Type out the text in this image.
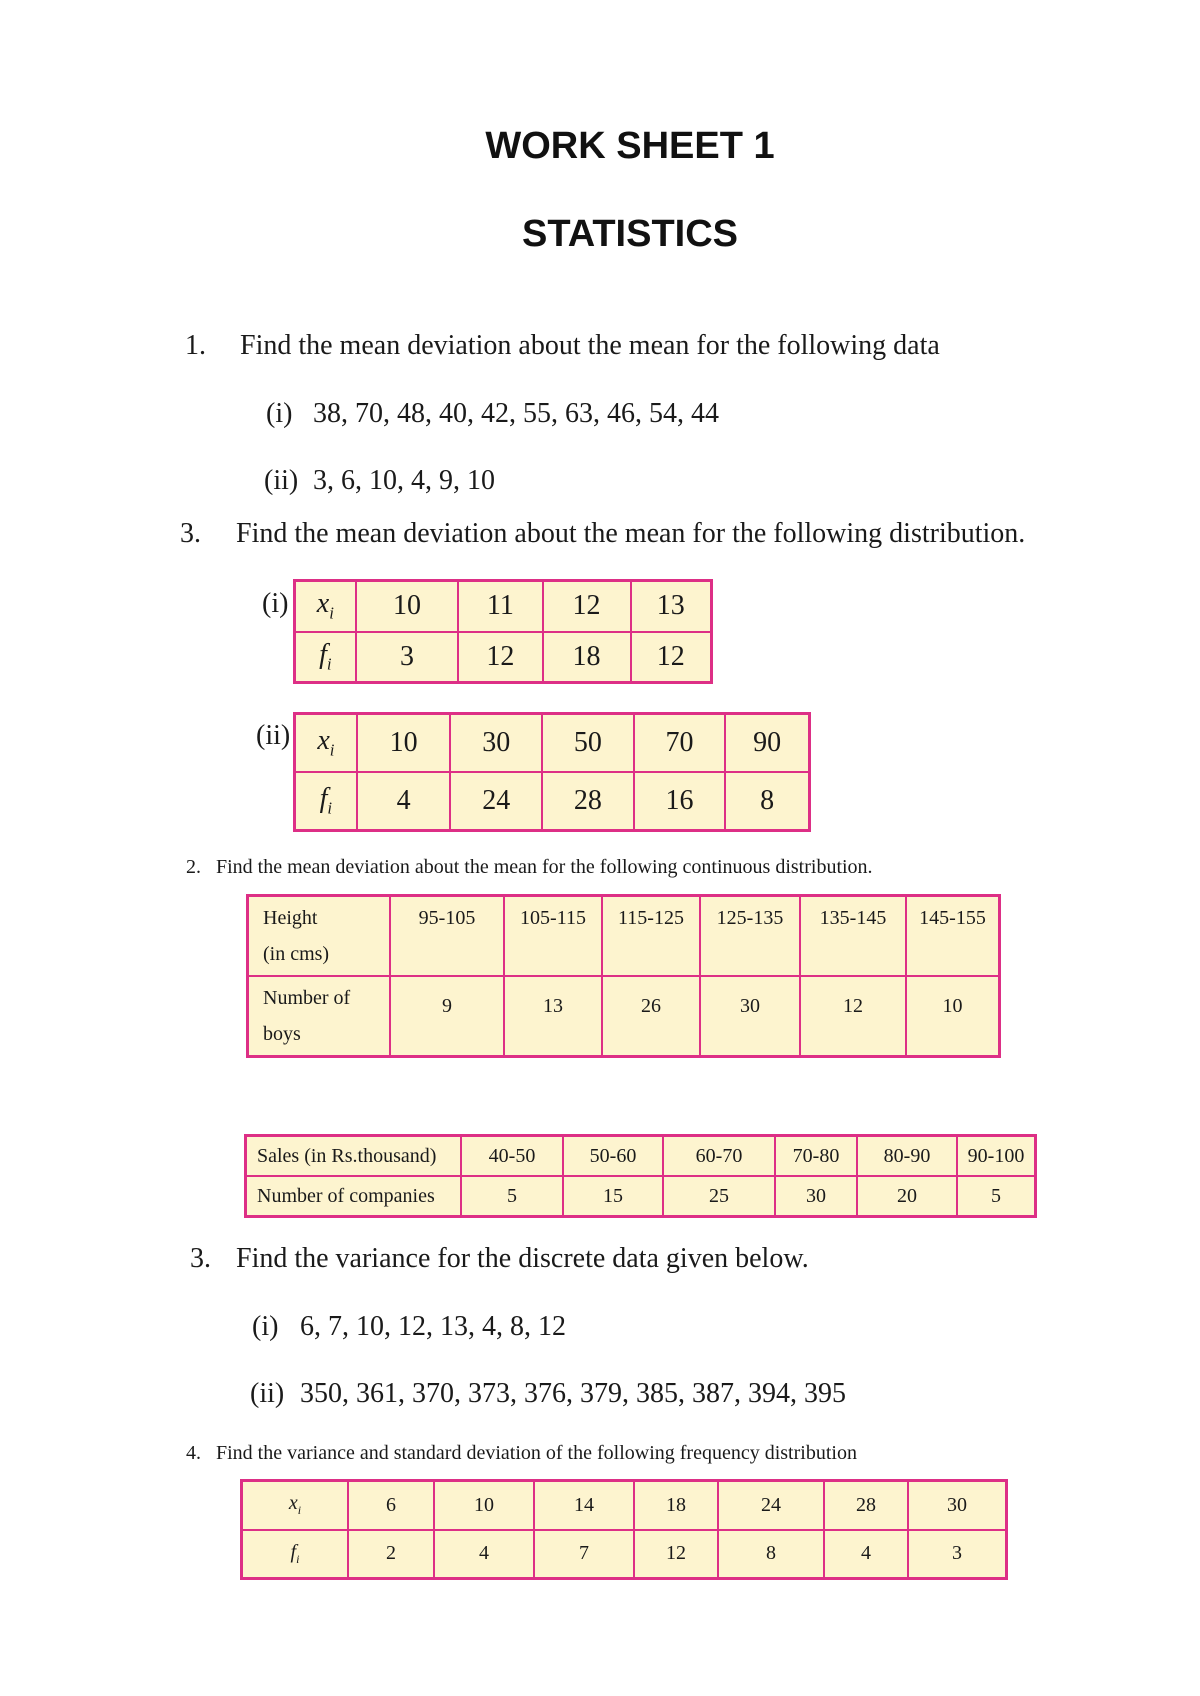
WORK SHEET 1
STATISTICS
1. Find the mean deviation about the mean for the following data
(i) 38, 70, 48, 40, 42, 55, 63, 46, 54, 44
(ii) 3, 6, 10, 4, 9, 10
3. Find the mean deviation about the mean for the following distribution.
(i) $x_i$	10	11	12	13
$f_i$	3	12	18	12
(ii) $x_i$	10	30	50	70	90
$f_i$	4	24	28	16	8
2. Find the mean deviation about the mean for the following continuous distribution.
Height
(in cms)	95-105	105-115	115-125	125-135	135-145	145-155

Number of
boys	9	13	26	30	12	10
Sales (in Rs.thousand)	40-50	50-60	60-70	70-80	80-90	90-100
Number of companies	5	15	25	30	20	5
3. Find the variance for the discrete data given below.
(i) 6, 7, 10, 12, 13, 4, 8, 12
(ii) 350, 361, 370, 373, 376, 379, 385, 387, 394, 395
4. Find the variance and standard deviation of the following frequency distribution
$x_i$	6	10	14	18	24	28	30
$f_i$	2	4	7	12	8	4	3
